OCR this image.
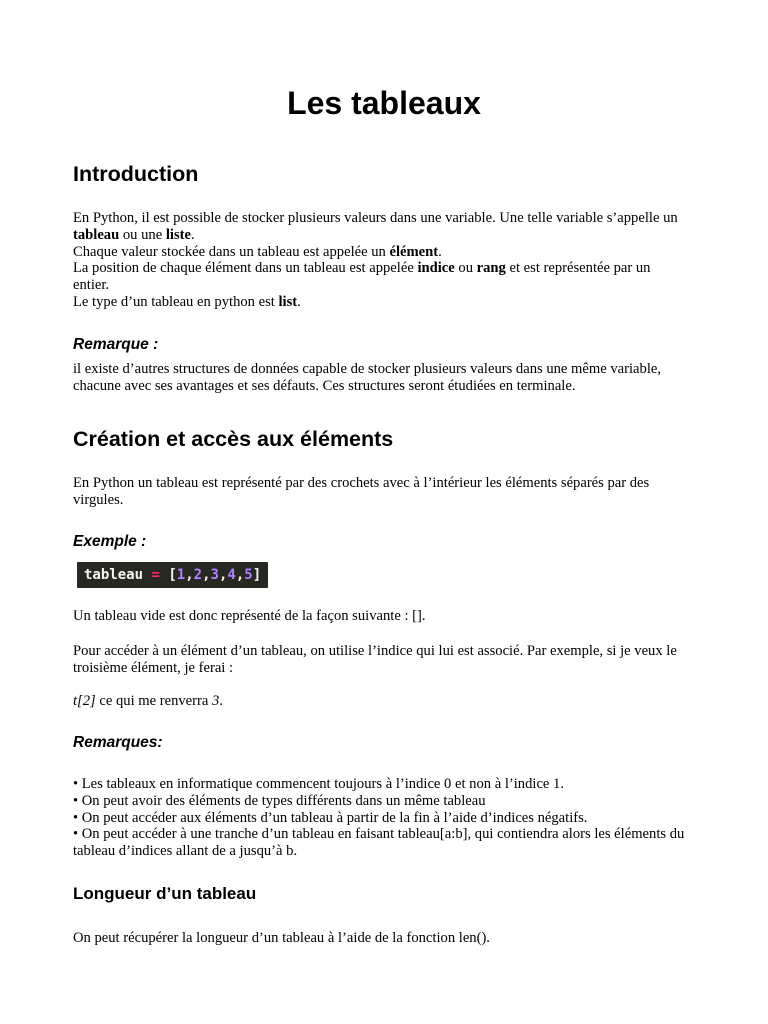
Les tableaux
Introduction

En Python, il est possible de stocker plusieurs valeurs dans une variable. Une telle variable s’appelle un tableau ou une liste.

Chaque valeur stockée dans un tableau est appelée un élément.

La position de chaque élément dans un tableau est appelée indice ou rang et est représentée par un entier.

Le type d’un tableau en python est list.

Remarque :

il existe d’autres structures de données capable de stocker plusieurs valeurs dans une même variable, chacune avec ses avantages et ses défauts. Ces structures seront étudiées en terminale.

Création et accès aux éléments

En Python un tableau est représenté par des crochets avec à l’intérieur les éléments séparés par des virgules.

Exemple :
tableau = [1,2,3,4,5]

Un tableau vide est donc représenté de la façon suivante : [].

Pour accéder à un élément d’un tableau, on utilise l’indice qui lui est associé. Par exemple, si je veux le troisième élément, je ferai :

t[2] ce qui me renverra 3.

Remarques:

• Les tableaux en informatique commencent toujours à l’indice 0 et non à l’indice 1.

• On peut avoir des éléments de types différents dans un même tableau

• On peut accéder aux éléments d’un tableau à partir de la fin à l’aide d’indices négatifs.

• On peut accéder à une tranche d’un tableau en faisant tableau[a:b], qui contiendra alors les éléments du tableau d’indices allant de a jusqu’à b.

Longueur d’un tableau

On peut récupérer la longueur d’un tableau à l’aide de la fonction len().
